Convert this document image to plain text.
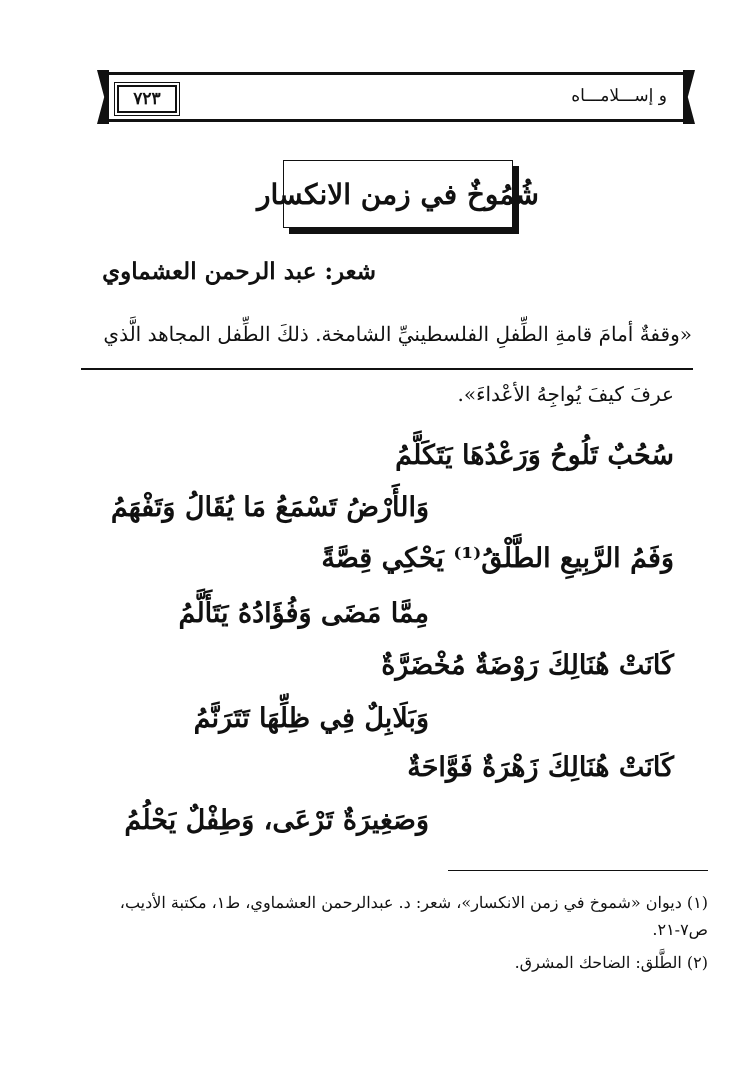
٧٢٣	و إســـلامـــاه
شُمُوخٌ في زمن الانكسار
شعر: عبد الرحمن العشماوي
«وقفةٌ أمامَ قامةِ الطِّفلِ الفلسطينيِّ الشامخة. ذلكَ الطِّفل المجاهد الَّذي
عرفَ كيفَ يُواجِهُ الأعْداءَ».
سُحُبٌ تَلُوحُ وَرَعْدُهَا يَتَكَلَّمُ
وَالأَرْضُ تَسْمَعُ مَا يُقَالُ وَتَفْهَمُ
وَفَمُ الرَّبِيعِ الطَّلْقُ⁽¹⁾ يَحْكِي قِصَّةً
مِمَّا مَضَى وَفُؤَادُهُ يَتَأَلَّمُ
كَانَتْ هُنَالِكَ رَوْضَةٌ مُخْضَرَّةٌ
وَبَلَابِلٌ فِي ظِلِّهَا تَتَرَنَّمُ
كَانَتْ هُنَالِكَ زَهْرَةٌ فَوَّاحَةٌ
وَصَغِيرَةٌ تَرْعَى، وَطِفْلٌ يَحْلُمُ
(١) ديوان «شموخ في زمن الانكسار»، شعر: د. عبدالرحمن العشماوي، ط١، مكتبة الأديب،
ص٧-٢١.
(٢) الطَّلق: الضاحك المشرق.
